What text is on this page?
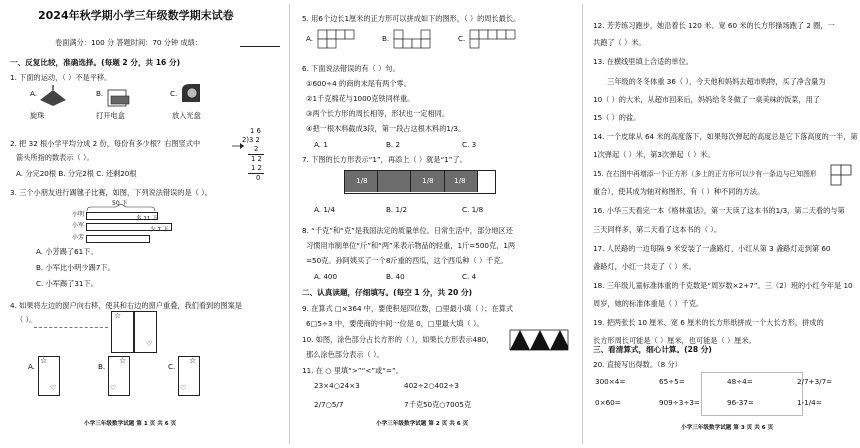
2024年秋学期小学三年级数学期末试卷
卷面满分：100 分 答题时间：70 分钟 成绩：
一、反复比较，准确选择。(每题 2 分，共 16 分)
1. 下面的运动，（ ）不是平移。
A.	B.	C.
旋珠	打开电盒	放入光盘
2. 把 32 根小学平均分成 2 份，每份有多少根？右图竖式中
箭头所指的数表示（ ）。
A. 分完20根 B. 分完2根 C. 还剩20根
1 6
2)3 2
2
1 2
1 2
0
3. 三个小朋友进行踢毽子比赛，如图，下列说法错误的是（ ）。
50 下
小明
多 11 下
小军
小芳
少 7 下
A. 小芳踢了61下。
B. 小军比小明少踢7下。
C. 小军踢了31下。
4. 如果将左边的窗户向右移，使其和右边的窗户重叠，我们看到的图案是
（ ）。	☆
♡
A.
☆
♡
B.
☆
♡
C.
☆
♡
小学三年级数学试题 第 1 页 共 6 页
5. 用6个边长1厘米的正方形可以拼成如下的图形，（ ）的周长最长。
A.	B.	C.
6. 下面说法错误的有（ ）句。
①600÷4 的商的末尾有两个零。
②1千克棉花与1000克铁同样重。
③两个长方形的周长相等，形状也一定相同。
④把一根木料截成3段，第一段占这根木料的1/3。
A. 1	B. 2	C. 3
7. 下图的长方形表示“1”，再添上（ ）就是“1”了。
1/8	1/8	1/8
A. 1/4	B. 1/2	C. 1/8
8. “千克”和“克”是我国法定的质量单位。日常生活中，部分地区还
习惯用市制单位“斤”和“两”来表示物品的轻重，1斤=500克，1两
=50克。孙阿姨买了一个8斤重的西瓜，这个西瓜种（ ）千克。
A. 400	B. 40	C. 4
二、认真读题，仔细填写。(每空 1 分，共 20 分)
9. 在算式 □×364 中，要使积是四位数，□里最小填（ ）；在算式
6□5÷3 中，要使商的中间一位是 0，□里最大填（ ）。
10. 如图，涂色部分占长方形的（ ），如果长方形表示480，
那么涂色部分表示（ ）。
11. 在 ○ 里填“>”“<”或“=”。
23×4○24×3	402÷2○402÷3
2/7○5/7	7千克50克○7005克
小学三年级数学试题 第 2 页 共 6 页
12. 芳芳练习跑步，她沿着长 120 米、宽 60 米的长方形操场跑了 2 圈，一
共跑了（ ）米。
13. 在横线里填上合适的单位。
三年级的冬冬体重 36（ ），今天他和妈妈去超市购物，买了净含量为
10（ ）的大米，从超市回来后，妈妈给冬冬做了一桌美味的饭菜，用了
15（ ）的盐。
14. 一个皮球从 64 米的高度落下，如果每次弹起的高度总是它下落高度的一半，第
1次弹起（ ）米，第3次弹起（ ）米。
15. 在右图中再增添一个正方形（多上的正方形可以少有一条边与已知图形
重合），使其成为轴对称图形，有（ ）种不同的方法。
16. 小华三天看完一本《格林童话》，第一天读了这本书的1/3，第二天看的与第
三天同样多，第二天看了这本书的（ ）。
17. 人民路的一边每隔 9 米安装了一盏路灯，小红从第 3 盏路灯走到第 60
盏路灯，小红一共走了（ ）米。
18. 三年级儿童标准体重的千克数是“周岁数×2+7”。三（2）班的小红今年是 10
周岁，她的标准体重是（ ）千克。
19. 把两张长 10 厘米、宽 6 厘米的长方形纸拼成一个大长方形，拼成的
长方形周长可能是（ ）厘米，也可能是（ ）厘米。
三、看清算式，细心计算。(28 分)
20. 直接写出得数。（8 分）
300×4=	65÷5=	48÷4=	2/7+3/7=
0×60=	909÷3÷3=	96-37=	1-1/4=
小学三年级数学试题 第 3 页 共 6 页
